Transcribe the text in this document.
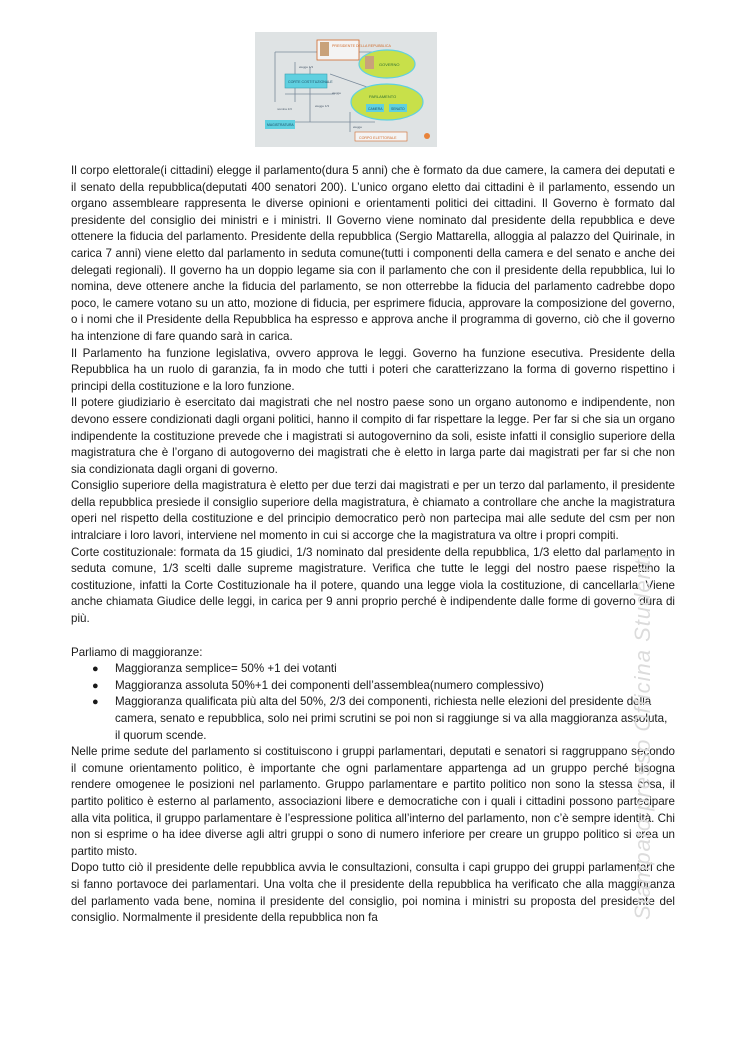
PRESIDENTE DELLA REPUBBLICA
GOVERNO
CORTE COSTITUZIONALE
PARLAMENTO
CAMERA SENATO
MAGISTRATURA
CORPO ELETTORALE
elegge 1/3
elegge
elegge 1/3
nomina 1/3
elegge

Il corpo elettorale(i cittadini) elegge il parlamento(dura 5 anni) che è formato da due camere, la camera dei deputati e il senato della repubblica(deputati 400 senatori 200). L’unico organo eletto dai cittadini è il parlamento, essendo un organo assembleare rappresenta le diverse opinioni e orientamenti politici dei cittadini. Il Governo è formato dal presidente del consiglio dei ministri e i ministri. Il Governo viene nominato dal presidente della repubblica e deve ottenere la fiducia del parlamento. Presidente della repubblica (Sergio Mattarella, alloggia al palazzo del Quirinale, in carica 7 anni) viene eletto dal parlamento in seduta comune(tutti i componenti della camera e del senato e anche dei delegati regionali). Il governo ha un doppio legame sia con il parlamento che con il presidente della repubblica, lui lo nomina, deve ottenere anche la fiducia del parlamento, se non otterrebbe la fiducia del parlamento cadrebbe dopo poco, le camere votano su un atto, mozione di fiducia, per esprimere fiducia, approvare la composizione del governo, o i nomi che il Presidente della Repubblica ha espresso e approva anche il programma di governo, ciò che il governo ha intenzione di fare quando sarà in carica.

Il Parlamento ha funzione legislativa, ovvero approva le leggi. Governo ha funzione esecutiva. Presidente della Repubblica ha un ruolo di garanzia, fa in modo che tutti i poteri che caratterizzano la forma di governo rispettino i principi della costituzione e la loro funzione.

Il potere giudiziario è esercitato dai magistrati che nel nostro paese sono un organo autonomo e indipendente, non devono essere condizionati dagli organi politici, hanno il compito di far rispettare la legge. Per far si che sia un organo indipendente la costituzione prevede che i magistrati si autogovernino da soli, esiste infatti il consiglio superiore della magistratura che è l’organo di autogoverno dei magistrati che è eletto in larga parte dai magistrati per far si che non sia condizionata dagli organi di governo.

Consiglio superiore della magistratura è eletto per due terzi dai magistrati e per un terzo dal parlamento, il presidente della repubblica presiede il consiglio superiore della magistratura, è chiamato a controllare che anche la magistratura operi nel rispetto della costituzione e del principio democratico però non partecipa mai alle sedute del csm per non intralciare i loro lavori, interviene nel momento in cui si accorge che la magistratura va oltre i propri compiti.

Corte costituzionale: formata da 15 giudici, 1/3 nominato dal presidente della repubblica, 1/3 eletto dal parlamento in seduta comune, 1/3 scelti dalle supreme magistrature. Verifica che tutte le leggi del nostro paese rispettino la costituzione, infatti la Corte Costituzionale ha il potere, quando una legge viola la costituzione, di cancellarla. Viene anche chiamata Giudice delle leggi, in carica per 9 anni proprio perché è indipendente dalle forme di governo dura di più.

Parliamo di maggioranze:

● Maggioranza semplice= 50% +1 dei votanti
● Maggioranza assoluta 50%+1 dei componenti dell’assemblea(numero complessivo)
● Maggioranza qualificata più alta del 50%, 2/3 dei componenti, richiesta nelle elezioni del presidente della camera, senato e repubblica, solo nei primi scrutini se poi non si raggiunge si va alla maggioranza assoluta, il quorum scende.

Nelle prime sedute del parlamento si costituiscono i gruppi parlamentari, deputati e senatori si raggruppano secondo il comune orientamento politico, è importante che ogni parlamentare appartenga ad un gruppo perché bisogna rendere omogenee le posizioni nel parlamento. Gruppo parlamentare e partito politico non sono la stessa cosa, il partito politico è esterno al parlamento, associazioni libere e democratiche con i quali i cittadini possono partecipare alla vita politica, il gruppo parlamentare è l’espressione politica all’interno del parlamento, non c’è sempre identità. Chi non si esprime o ha idee diverse agli altri gruppi o sono di numero inferiore per creare un gruppo politico si crea un partito misto.

Dopo tutto ciò il presidente delle repubblica avvia le consultazioni, consulta i capi gruppo dei gruppi parlamentari che si fanno portavoce dei parlamentari. Una volta che il presidente della repubblica ha verificato che alla maggioranza del parlamento vada bene, nomina il presidente del consiglio, poi nomina i ministri su proposta del presidente del consiglio. Normalmente il presidente della repubblica non fa	Stampato presso Officina Studenti
